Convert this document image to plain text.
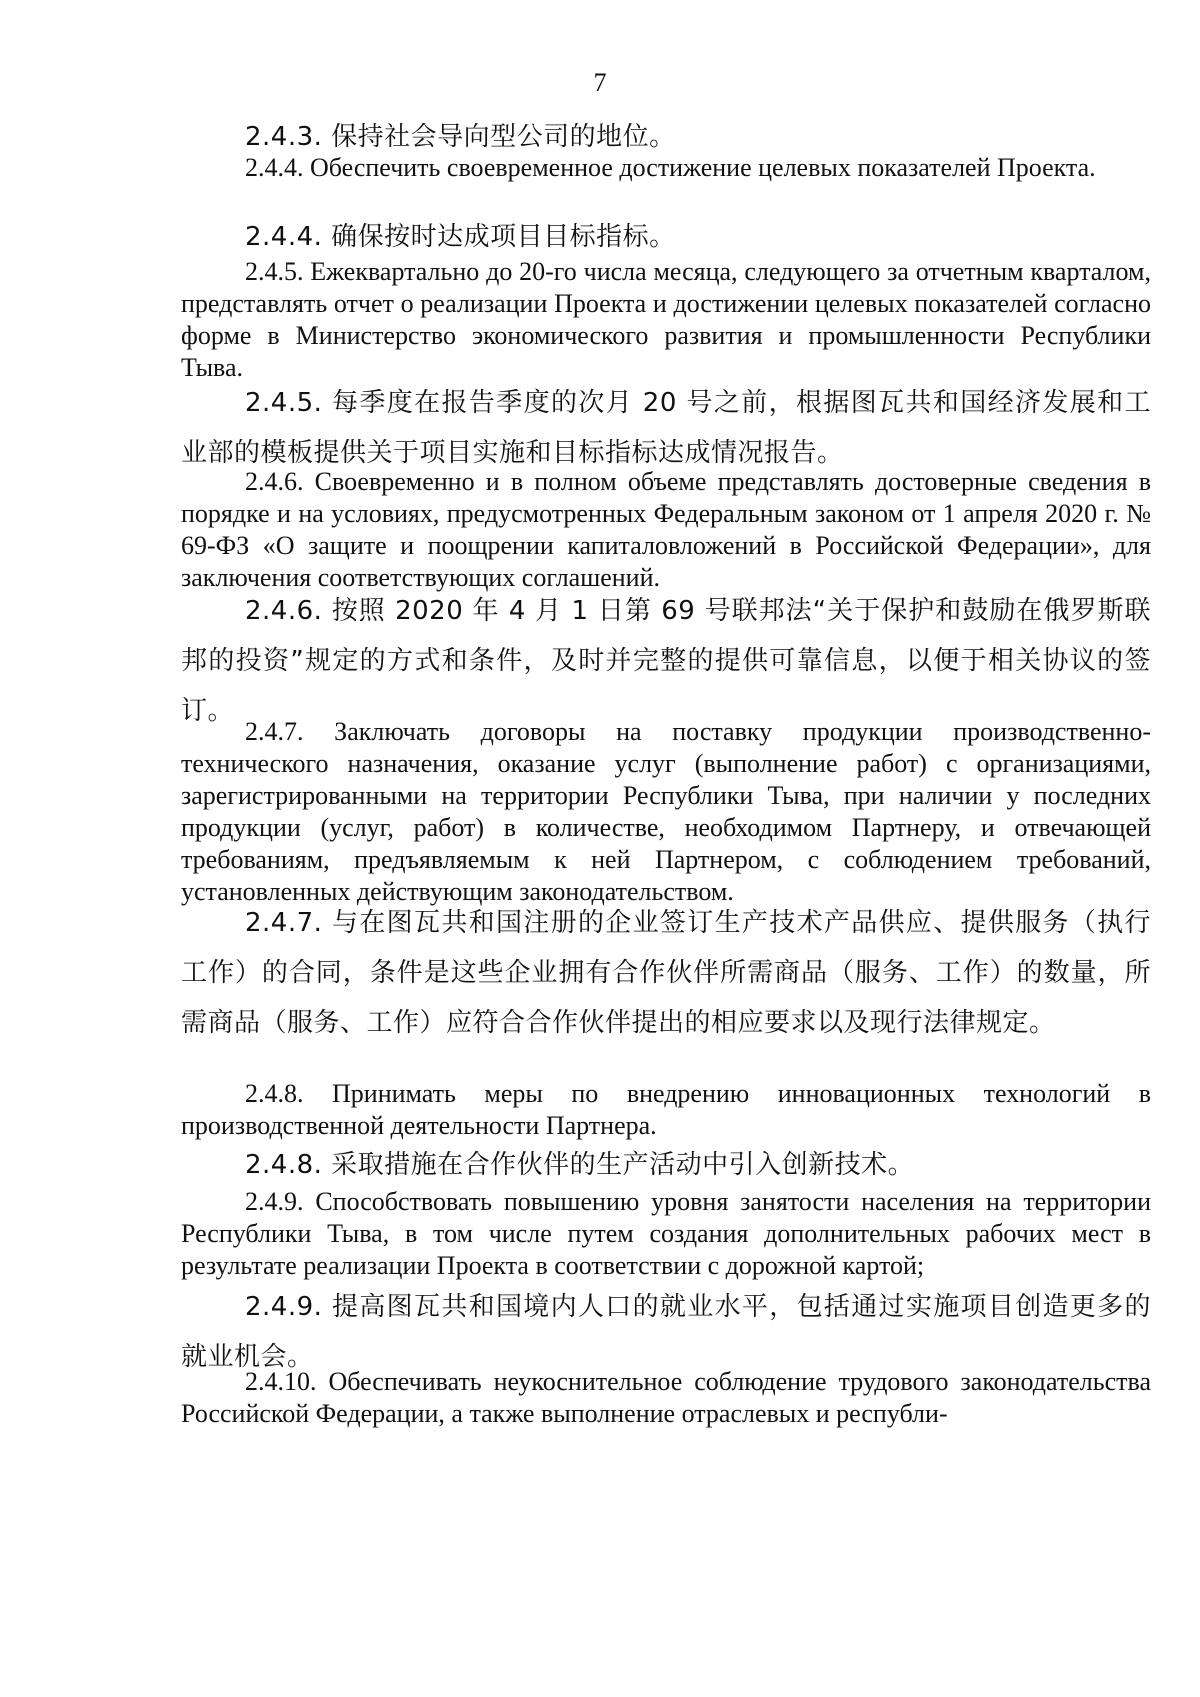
7

2.4.3. 保持社会导向型公司的地位。

2.4.4. Обеспечить своевременное достижение целевых показателей Проекта.

2.4.4. 确保按时达成项目目标指标。

2.4.5. Ежеквартально до 20-го числа месяца, следующего за отчетным кварталом, представлять отчет о реализации Проекта и достижении целевых показателей согласно форме в Министерство экономического развития и промышленности Республики Тыва.

2.4.5. 每季度在报告季度的次月 20 号之前，根据图瓦共和国经济发展和工业部的模板提供关于项目实施和目标指标达成情况报告。

2.4.6. Своевременно и в полном объеме представлять достоверные сведения в порядке и на условиях, предусмотренных Федеральным законом от 1 апреля 2020 г. № 69-ФЗ «О защите и поощрении капиталовложений в Российской Федерации», для заключения соответствующих соглашений.

2.4.6. 按照 2020 年 4 月 1 日第 69 号联邦法“关于保护和鼓励在俄罗斯联邦的投资”规定的方式和条件，及时并完整的提供可靠信息，以便于相关协议的签订。

2.4.7. Заключать договоры на поставку продукции производственно-технического назначения, оказание услуг (выполнение работ) с организациями, зарегистрированными на территории Республики Тыва, при наличии у последних продукции (услуг, работ) в количестве, необходимом Партнеру, и отвечающей требованиям, предъявляемым к ней Партнером, с соблюдением требований, установленных действующим законодательством.

2.4.7. 与在图瓦共和国注册的企业签订生产技术产品供应、提供服务（执行工作）的合同，条件是这些企业拥有合作伙伴所需商品（服务、工作）的数量，所需商品（服务、工作）应符合合作伙伴提出的相应要求以及现行法律规定。

2.4.8. Принимать меры по внедрению инновационных технологий в производственной деятельности Партнера.

2.4.8. 采取措施在合作伙伴的生产活动中引入创新技术。

2.4.9. Способствовать повышению уровня занятости населения на территории Республики Тыва, в том числе путем создания дополнительных рабочих мест в результате реализации Проекта в соответствии с дорожной картой;

2.4.9. 提高图瓦共和国境内人口的就业水平，包括通过实施项目创造更多的就业机会。

2.4.10. Обеспечивать неукоснительное соблюдение трудового законодательства Российской Федерации, а также выполнение отраслевых и республи-
